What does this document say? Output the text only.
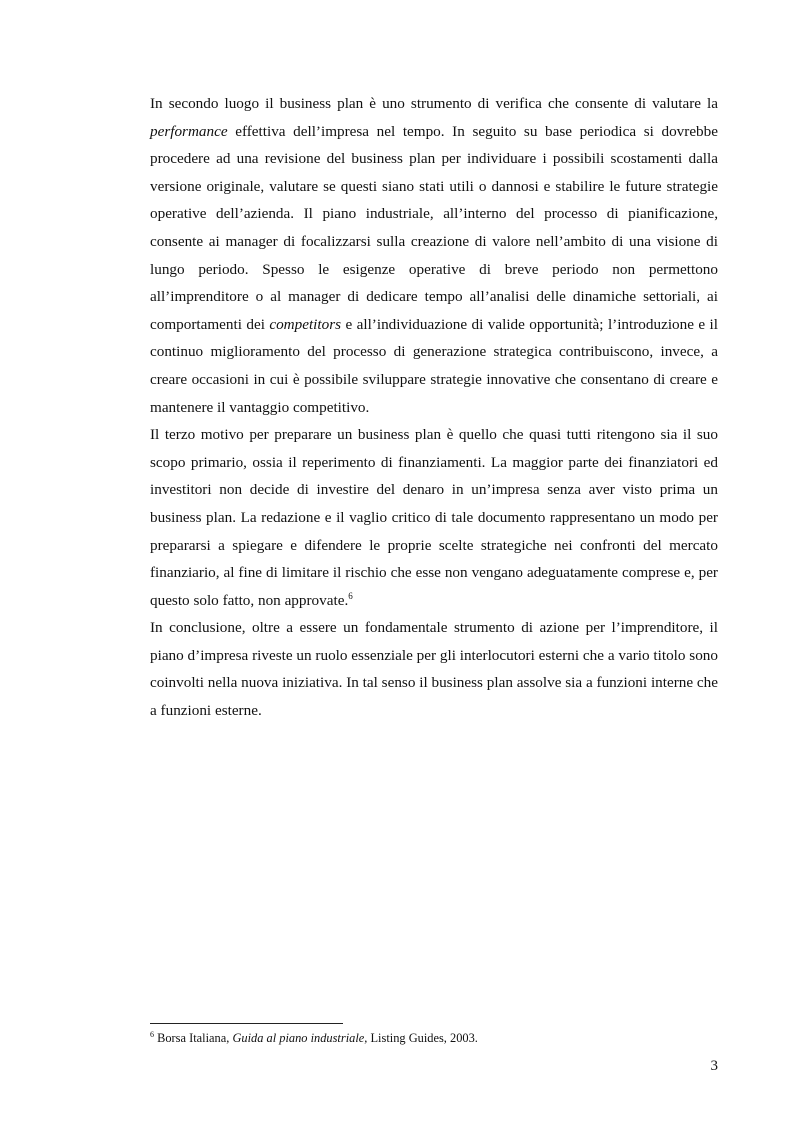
In secondo luogo il business plan è uno strumento di verifica che consente di valutare la performance effettiva dell’impresa nel tempo. In seguito su base periodica si dovrebbe procedere ad una revisione del business plan per individuare i possibili scostamenti dalla versione originale, valutare se questi siano stati utili o dannosi e stabilire le future strategie operative dell’azienda. Il piano industriale, all’interno del processo di pianificazione, consente ai manager di focalizzarsi sulla creazione di valore nell’ambito di una visione di lungo periodo. Spesso le esigenze operative di breve periodo non permettono all’imprenditore o al manager di dedicare tempo all’analisi delle dinamiche settoriali, ai comportamenti dei competitors e all’individuazione di valide opportunità; l’introduzione e il continuo miglioramento del processo di generazione strategica contribuiscono, invece, a creare occasioni in cui è possibile sviluppare strategie innovative che consentano di creare e mantenere il vantaggio competitivo.

Il terzo motivo per preparare un business plan è quello che quasi tutti ritengono sia il suo scopo primario, ossia il reperimento di finanziamenti. La maggior parte dei finanziatori ed investitori non decide di investire del denaro in un’impresa senza aver visto prima un business plan. La redazione e il vaglio critico di tale documento rappresentano un modo per prepararsi a spiegare e difendere le proprie scelte strategiche nei confronti del mercato finanziario, al fine di limitare il rischio che esse non vengano adeguatamente comprese e, per questo solo fatto, non approvate.$^6$

In conclusione, oltre a essere un fondamentale strumento di azione per l’imprenditore, il piano d’impresa riveste un ruolo essenziale per gli interlocutori esterni che a vario titolo sono coinvolti nella nuova iniziativa. In tal senso il business plan assolve sia a funzioni interne che a funzioni esterne.

$^6$ Borsa Italiana, Guida al piano industriale, Listing Guides, 2003.
3
